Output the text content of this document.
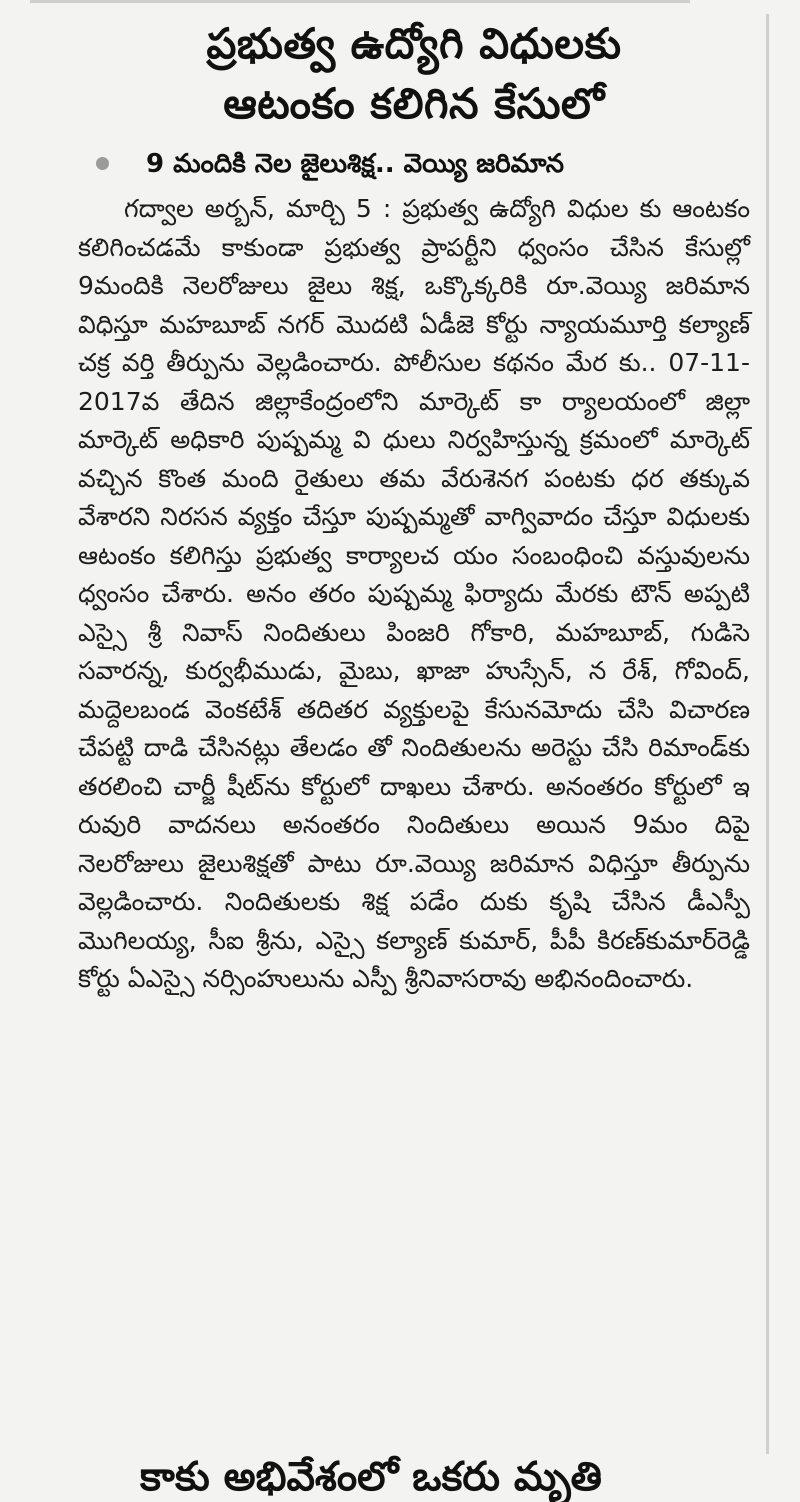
ప్రభుత్వ ఉద్యోగి విధులకు
ఆటంకం కలిగిన కేసులో
9 మందికి నెల జైలుశిక్ష.. వెయ్యి జరిమాన

గద్వాల అర్బన్, మార్చి 5 : ప్రభుత్వ ఉద్యోగి విధుల కు ఆంటకం కలిగించడమే కాకుండా ప్రభుత్వ ప్రాపర్టీని ధ్వంసం చేసిన కేసుల్లో 9మందికి నెలరోజులు జైలు శిక్ష, ఒక్కొక్కరికి రూ.వెయ్యి జరిమాన విధిస్తూ మహబూబ్ నగర్ మొదటి ఏడీజె కోర్టు న్యాయమూర్తి కల్యాణ్ చక్ర వర్తి తీర్పును వెల్లడించారు. పోలీసుల కథనం మేర కు.. 07-11-2017వ తేదిన జిల్లాకేంద్రంలోని మార్కెట్ కా ర్యాలయంలో జిల్లా మార్కెట్ అధికారి పుష్పమ్మ వి ధులు నిర్వహిస్తున్న క్రమంలో మార్కెట్ వచ్చిన కొంత మంది రైతులు తమ వేరుశెనగ పంటకు ధర తక్కువ వేశారని నిరసన వ్యక్తం చేస్తూ పుష్పమ్మతో వాగ్వివాదం చేస్తూ విధులకు ఆటంకం కలిగిస్తు ప్రభుత్వ కార్యాలచ యం సంబంధించి వస్తువులను ధ్వంసం చేశారు. అనం తరం పుష్పమ్మ ఫిర్యాదు మేరకు టౌన్ అప్పటి ఎస్సై శ్రీ నివాస్ నిందితులు పింజరి గోకారి, మహబూబ్, గుడిసె సవారన్న, కుర్వభీముడు, మైబు, ఖాజా హుస్సేన్, న రేశ్, గోవింద్, మద్దెలబండ వెంకటేశ్ తదితర వ్యక్తులపై కేసునమోదు చేసి విచారణ చేపట్టి దాడి చేసినట్లు తేలడం తో నిందితులను అరెస్టు చేసి రిమాండ్‌కు తరలించి చార్జీ షీట్‌ను కోర్టులో దాఖలు చేశారు. అనంతరం కోర్టులో ఇ రువురి వాదనలు అనంతరం నిందితులు అయిన 9మం దిపై నెలరోజులు జైలుశిక్షతో పాటు రూ.వెయ్యి జరిమాన విధిస్తూ తీర్పును వెల్లడించారు. నిందితులకు శిక్ష పడేం దుకు కృషి చేసిన డీఎస్పీ మొగిలయ్య, సీఐ శ్రీను, ఎస్సై కల్యాణ్ కుమార్, పీపీ కిరణ్‌కుమార్‌రెడ్డి కోర్టు ఏఎస్సై నర్సింహులును ఎస్పీ శ్రీనివాసరావు అభినందించారు.

కాకు అభివేశంలో ఒకరు మృతి
